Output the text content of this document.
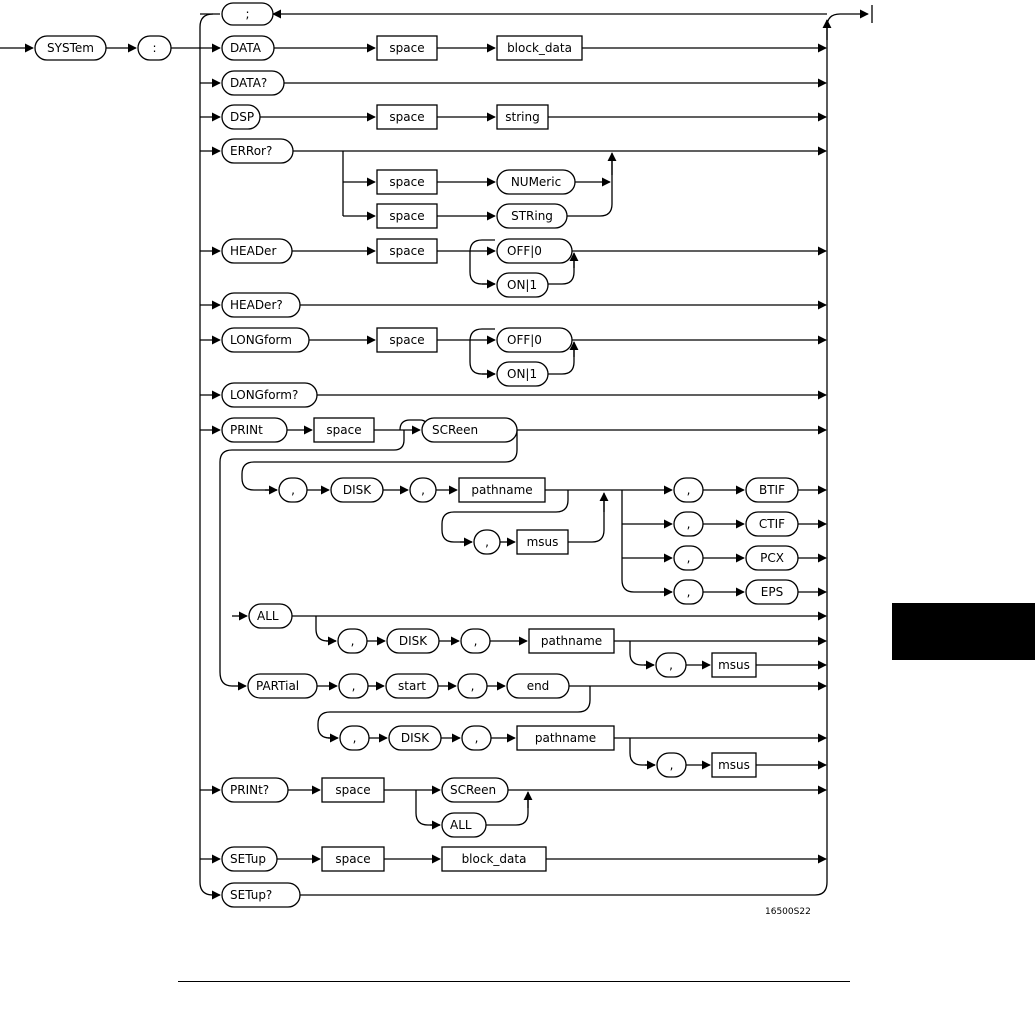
SYSTem	:
;
DATA	space	block_data
DATA?
DSP	space	string
ERRor?
space	NUMeric
space	STRing
HEADer	space	OFF|0
ON|1
HEADer?
LONGform	space	OFF|0
ON|1
LONGform?
PRINt	space	SCReen
,	DISK	,	pathname
,	msus
,	BTIF
,	CTIF
,	PCX
,	EPS
ALL
,	DISK	,	pathname
,	msus
PARTial	,	start	,	end
,	DISK	,	pathname
,	msus
PRINt?	space	SCReen
ALL
SETup	space	block_data
SETup?
16500S22
